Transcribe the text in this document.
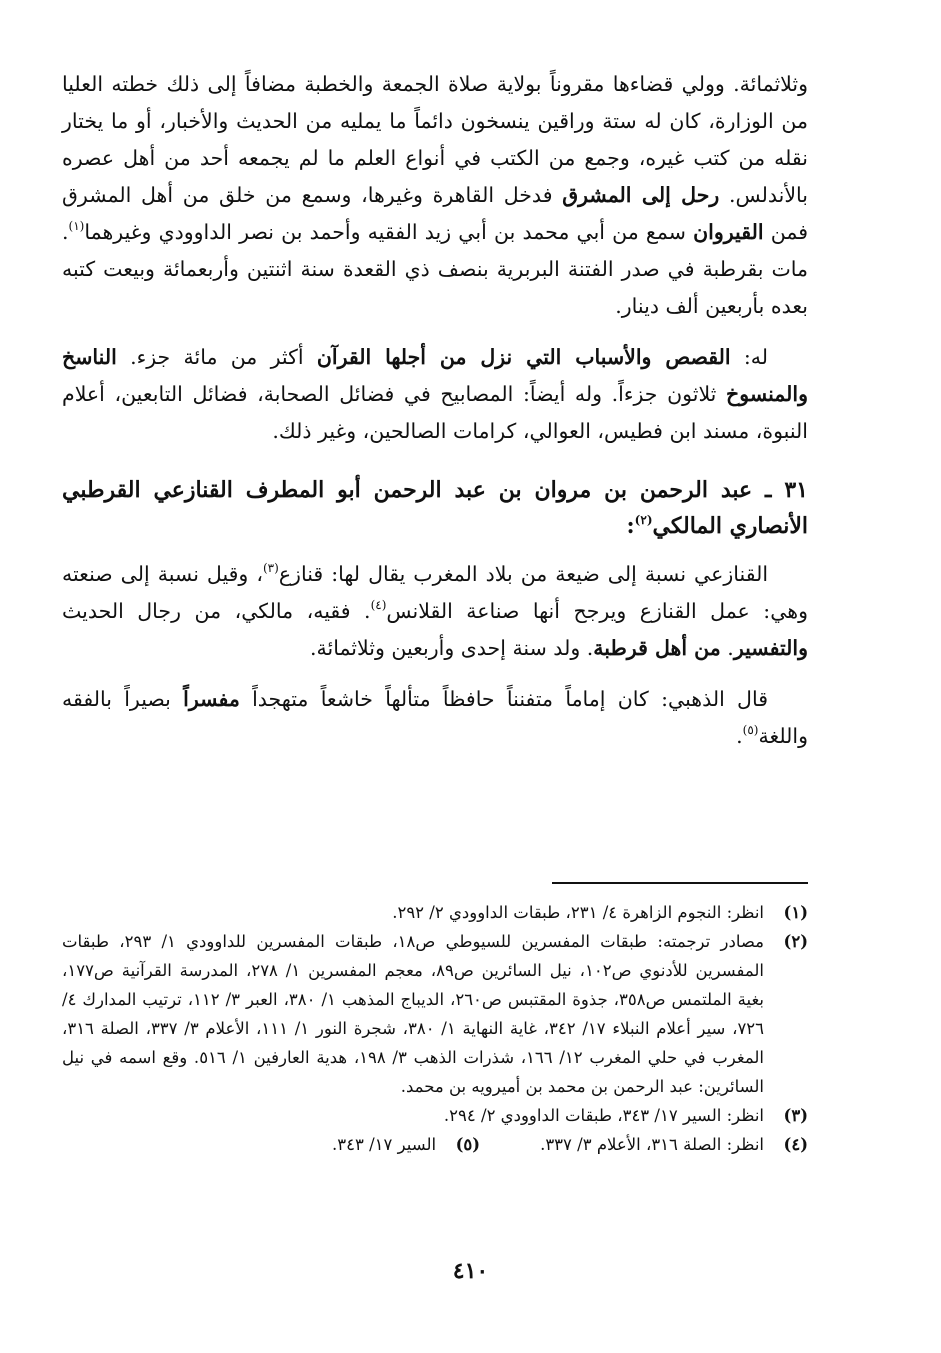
وثلاثمائة. وولي قضاءها مقروناً بولاية صلاة الجمعة والخطبة مضافاً إلى ذلك خطته العليا من الوزارة، كان له ستة وراقين ينسخون دائماً ما يمليه من الحديث والأخبار، أو ما يختار نقله من كتب غيره، وجمع من الكتب في أنواع العلم ما لم يجمعه أحد من أهل عصره بالأندلس. رحل إلى المشرق فدخل القاهرة وغيرها، وسمع من خلق من أهل المشرق فمن القيروان سمع من أبي محمد بن أبي زيد الفقيه وأحمد بن نصر الداوودي وغيرهما$^{(١)}$. مات بقرطبة في صدر الفتنة البربرية بنصف ذي القعدة سنة اثنتين وأربعمائة وبيعت كتبه بعده بأربعين ألف دينار.

له: القصص والأسباب التي نزل من أجلها القرآن أكثر من مائة جزء. الناسخ والمنسوخ ثلاثون جزءاً. وله أيضاً: المصابيح في فضائل الصحابة، فضائل التابعين، أعلام النبوة، مسند ابن فطيس، العوالي، كرامات الصالحين، وغير ذلك.

٣١ ـ عبد الرحمن بن مروان بن عبد الرحمن أبو المطرف القنازعي القرطبي الأنصاري المالكي$^{(٢)}$:

القنازعي نسبة إلى ضيعة من بلاد المغرب يقال لها: قنازع$^{(٣)}$، وقيل نسبة إلى صنعته وهي: عمل القنازع ويرجح أنها صناعة القلانس$^{(٤)}$. فقيه، مالكي، من رجال الحديث والتفسير. من أهل قرطبة. ولد سنة إحدى وأربعين وثلاثمائة.

قال الذهبي: كان إماماً متفنناً حافظاً متألهاً خاشعاً متهجداً مفسراً بصيراً بالفقه واللغة$^{(٥)}$.

(١)
انظر: النجوم الزاهرة ٤/ ٢٣١، طبقات الداوودي ٢/ ٢٩٢.
(٢)
مصادر ترجمته: طبقات المفسرين للسيوطي ص١٨، طبقات المفسرين للداوودي ١/ ٢٩٣، طبقات المفسرين للأدنوي ص١٠٢، نيل السائرين ص٨٩، معجم المفسرين ١/ ٢٧٨، المدرسة القرآنية ص١٧٧، بغية الملتمس ص٣٥٨، جذوة المقتبس ص٢٦٠، الديباج المذهب ١/ ٣٨٠، العبر ٣/ ١١٢، ترتيب المدارك ٤/ ٧٢٦، سير أعلام النبلاء ١٧/ ٣٤٢، غاية النهاية ١/ ٣٨٠، شجرة النور ١/ ١١١، الأعلام ٣/ ٣٣٧، الصلة ٣١٦، المغرب في حلي المغرب ١٢/ ١٦٦، شذرات الذهب ٣/ ١٩٨، هدية العارفين ١/ ٥١٦. وقع اسمه في نيل السائرين: عبد الرحمن بن محمد بن أميرويه بن محمد.
(٣)
انظر: السير ١٧/ ٣٤٣، طبقات الداوودي ٢/ ٢٩٤.
(٤)
انظر: الصلة ٣١٦، الأعلام ٣/ ٣٣٧.
(٥)
السير ١٧/ ٣٤٣.
٤١٠
